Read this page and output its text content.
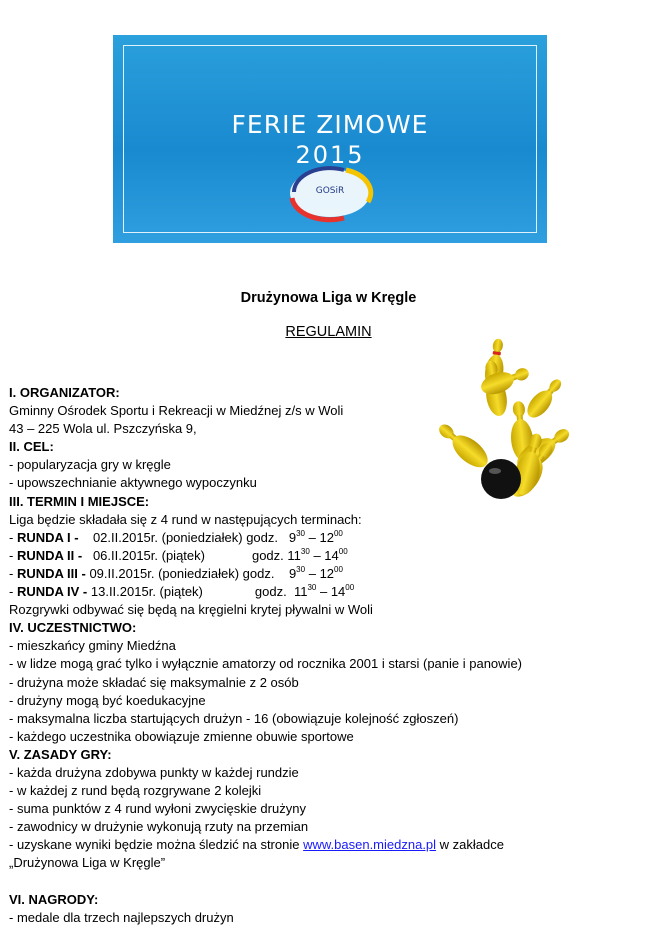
FERIE ZIMOWE
2015
GOSiR
Drużynowa Liga w Kręgle
REGULAMIN
I. ORGANIZATOR:
Gminny Ośrodek Sportu i Rekreacji w Miedźnej z/s w Woli
43 – 225 Wola ul. Pszczyńska 9,
II. CEL:
- popularyzacja gry w kręgle
- upowszechnianie aktywnego wypoczynku
III. TERMIN I MIEJSCE:
Liga będzie składała się z 4 rund w następujących terminach:
- RUNDA I - 02.II.2015r. (poniedziałek) godz. $9^{30} - 12^{00}$
- RUNDA II - 06.II.2015r. (piątek)	godz. $11^{30} - 14^{00}$
- RUNDA III - 09.II.2015r. (poniedziałek) godz. $9^{30} - 12^{00}$
- RUNDA IV - 13.II.2015r. (piątek)	godz. $11^{30} - 14^{00}$
Rozgrywki odbywać się będą na kręgielni krytej pływalni w Woli
IV. UCZESTNICTWO:
- mieszkańcy gminy Miedźna
- w lidze mogą grać tylko i wyłącznie amatorzy od rocznika 2001 i starsi (panie i panowie)
- drużyna może składać się maksymalnie z 2 osób
- drużyny mogą być koedukacyjne
- maksymalna liczba startujących drużyn - 16 (obowiązuje kolejność zgłoszeń)
- każdego uczestnika obowiązuje zmienne obuwie sportowe
V. ZASADY GRY:
- każda drużyna zdobywa punkty w każdej rundzie
- w każdej z rund będą rozgrywane 2 kolejki
- suma punktów z 4 rund wyłoni zwycięskie drużyny
- zawodnicy w drużynie wykonują rzuty na przemian
- uzyskane wyniki będzie można śledzić na stronie www.basen.miedzna.pl w zakładce
„Drużynowa Liga w Kręgle”
VI. NAGRODY:
- medale dla trzech najlepszych drużyn
